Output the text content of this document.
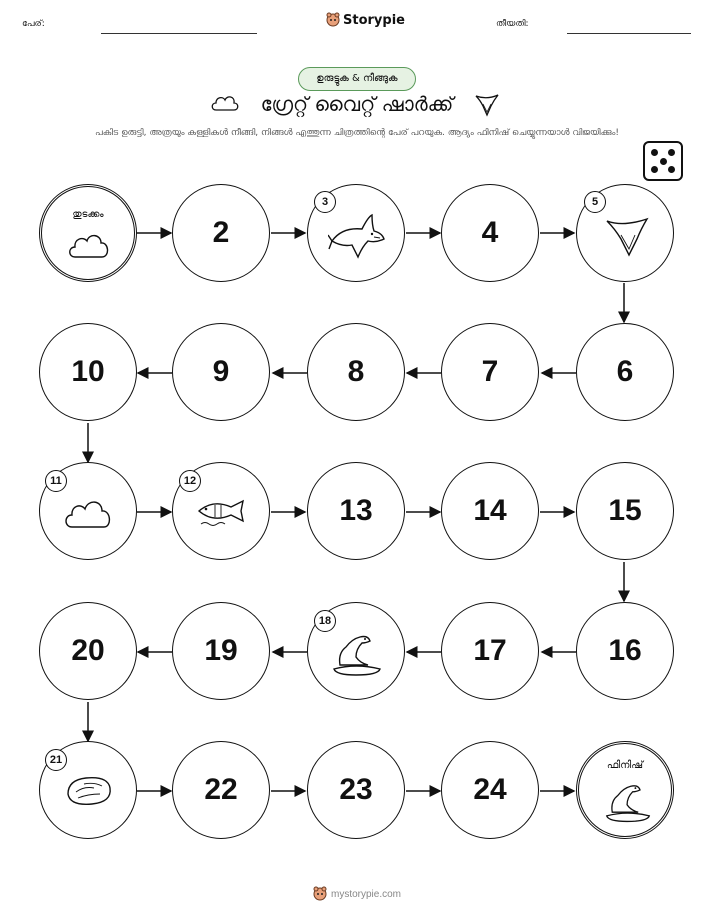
പേര്:	Storypie	തീയതി:
ഉരുട്ടുക & നീങ്ങുക
ഗ്രേറ്റ് വൈറ്റ് ഷാർക്ക്
പകിട ഉരുട്ടി, അത്രയും കള്ളികൾ നീങ്ങി, നിങ്ങൾ എത്തുന്ന ചിത്രത്തിന്റെ പേര് പറയുക. ആദ്യം ഫിനിഷ് ചെയ്യുന്നയാൾ വിജയിക്കും!
തുടക്കം
2	4
6
7
8
9
10
13	14	15
16
17
19
20
22	23	24
ഫിനിഷ്
3	5
11	12
18
21
mystorypie.com
